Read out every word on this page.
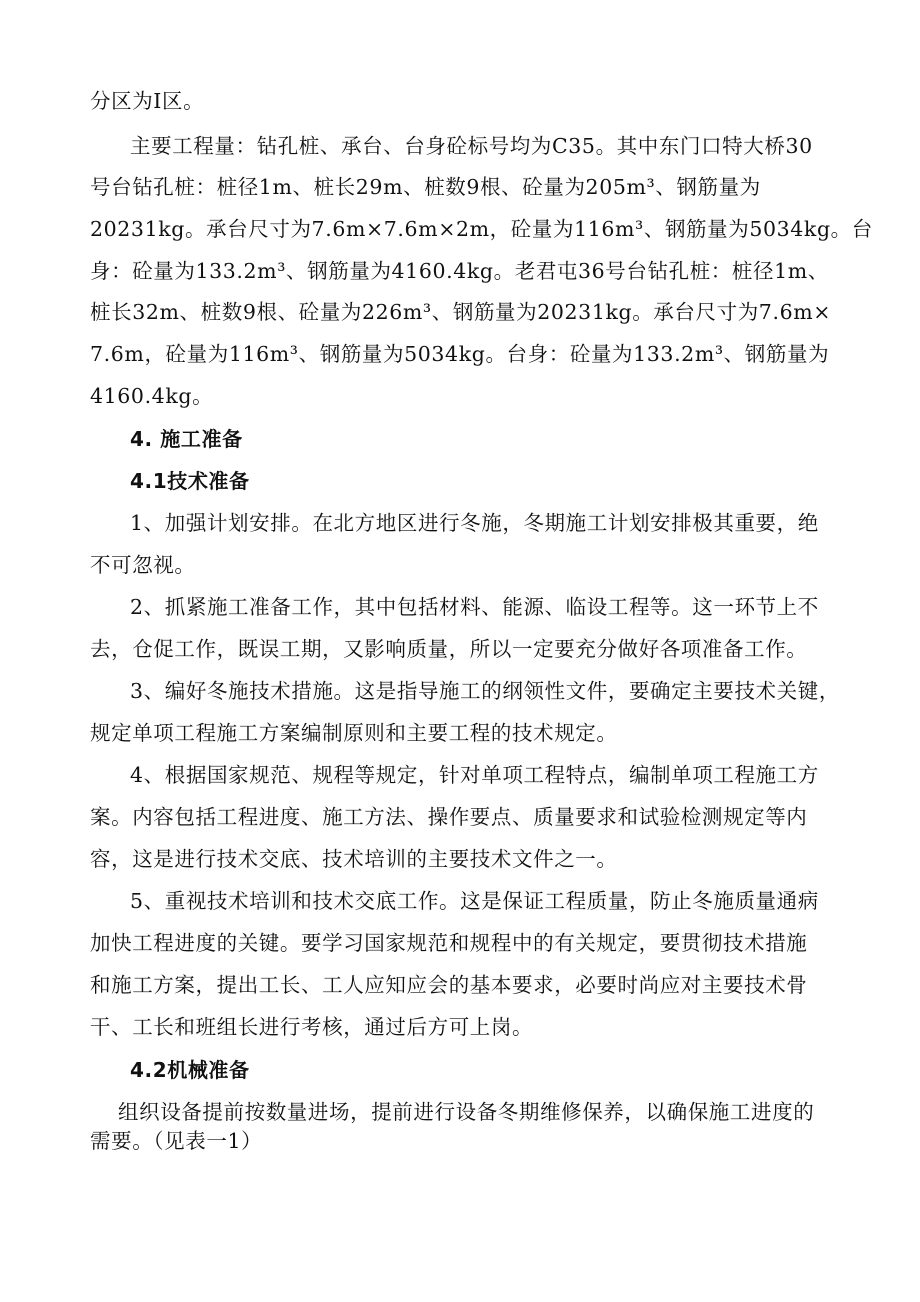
分区为Ⅰ区。
主要工程量：钻孔桩、承台、台身砼标号均为C35。其中东门口特大桥30
号台钻孔桩：桩径1m、桩长29m、桩数9根、砼量为205m³、钢筋量为
20231kg。承台尺寸为7.6m×7.6m×2m，砼量为116m³、钢筋量为5034kg。台
身：砼量为133.2m³、钢筋量为4160.4kg。老君屯36号台钻孔桩：桩径1m、
桩长32m、桩数9根、砼量为226m³、钢筋量为20231kg。承台尺寸为7.6m×
7.6m，砼量为116m³、钢筋量为5034kg。台身：砼量为133.2m³、钢筋量为
4160.4kg。
4. 施工准备
4.1技术准备
1、加强计划安排。在北方地区进行冬施，冬期施工计划安排极其重要，绝
不可忽视。
2、抓紧施工准备工作，其中包括材料、能源、临设工程等。这一环节上不
去，仓促工作，既误工期，又影响质量，所以一定要充分做好各项准备工作。
3、编好冬施技术措施。这是指导施工的纲领性文件，要确定主要技术关键，
规定单项工程施工方案编制原则和主要工程的技术规定。
4、根据国家规范、规程等规定，针对单项工程特点，编制单项工程施工方
案。内容包括工程进度、施工方法、操作要点、质量要求和试验检测规定等内
容，这是进行技术交底、技术培训的主要技术文件之一。
5、重视技术培训和技术交底工作。这是保证工程质量，防止冬施质量通病
加快工程进度的关键。要学习国家规范和规程中的有关规定，要贯彻技术措施
和施工方案，提出工长、工人应知应会的基本要求，必要时尚应对主要技术骨
干、工长和班组长进行考核，通过后方可上岗。
4.2机械准备
组织设备提前按数量进场，提前进行设备冬期维修保养，以确保施工进度的
需要。（见表一1）
